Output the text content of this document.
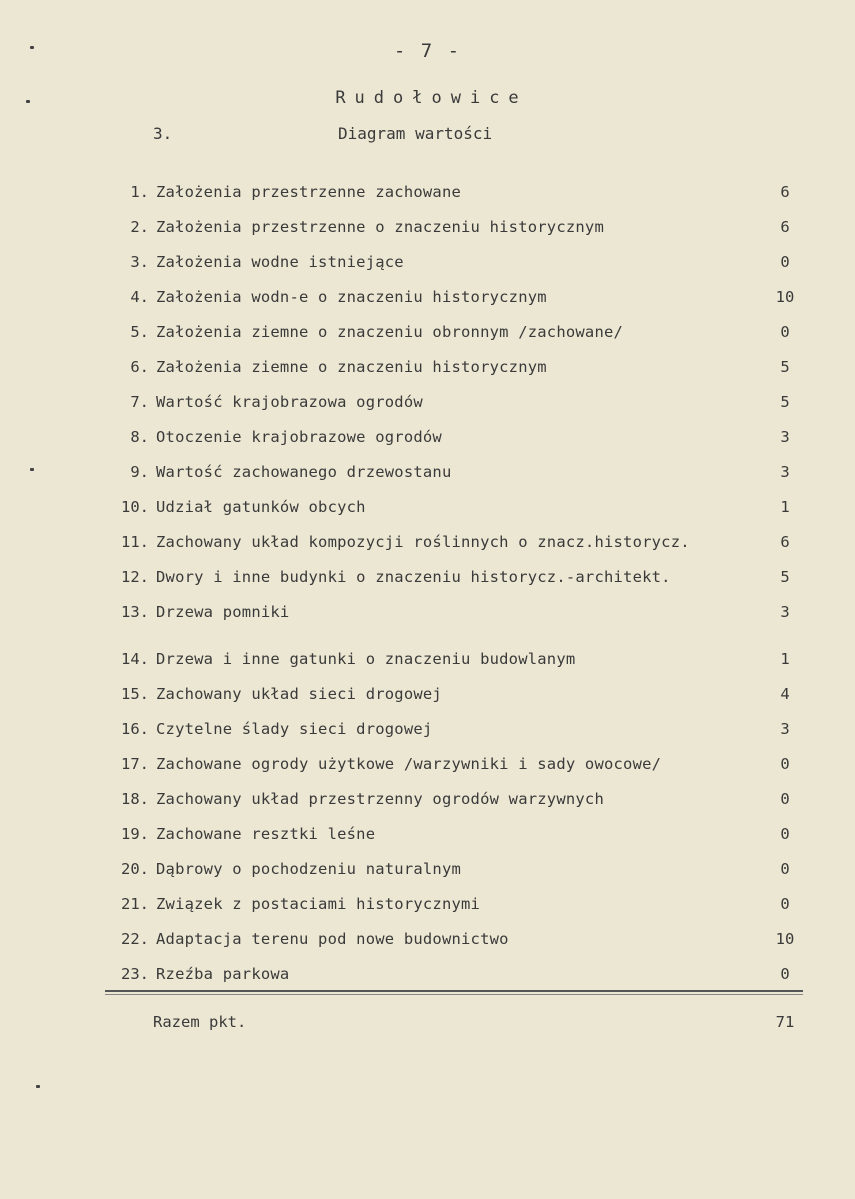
- 7 -
Rudołowice
3.	Diagram wartości
1. Założenia przestrzenne zachowane	6
2. Założenia przestrzenne o znaczeniu historycznym	6
3. Założenia wodne istniejące	0
4. Założenia wodn-e o znaczeniu historycznym	10
5. Założenia ziemne o znaczeniu obronnym /zachowane/	0
6. Założenia ziemne o znaczeniu historycznym	5
7. Wartość krajobrazowa ogrodów	5
8. Otoczenie krajobrazowe ogrodów	3
9. Wartość zachowanego drzewostanu	3
10. Udział gatunków obcych	1
11. Zachowany układ kompozycji roślinnych o znacz.historycz.	6
12. Dwory i inne budynki o znaczeniu historycz.-architekt.	5
13. Drzewa pomniki	3
14. Drzewa i inne gatunki o znaczeniu budowlanym	1
15. Zachowany układ sieci drogowej	4
16. Czytelne ślady sieci drogowej	3
17. Zachowane ogrody użytkowe /warzywniki i sady owocowe/	0
18. Zachowany układ przestrzenny ogrodów warzywnych	0
19. Zachowane resztki leśne	0
20. Dąbrowy o pochodzeniu naturalnym	0
21. Związek z postaciami historycznymi	0
22. Adaptacja terenu pod nowe budownictwo	10
23. Rzeźba parkowa	0
Razem pkt.	71
